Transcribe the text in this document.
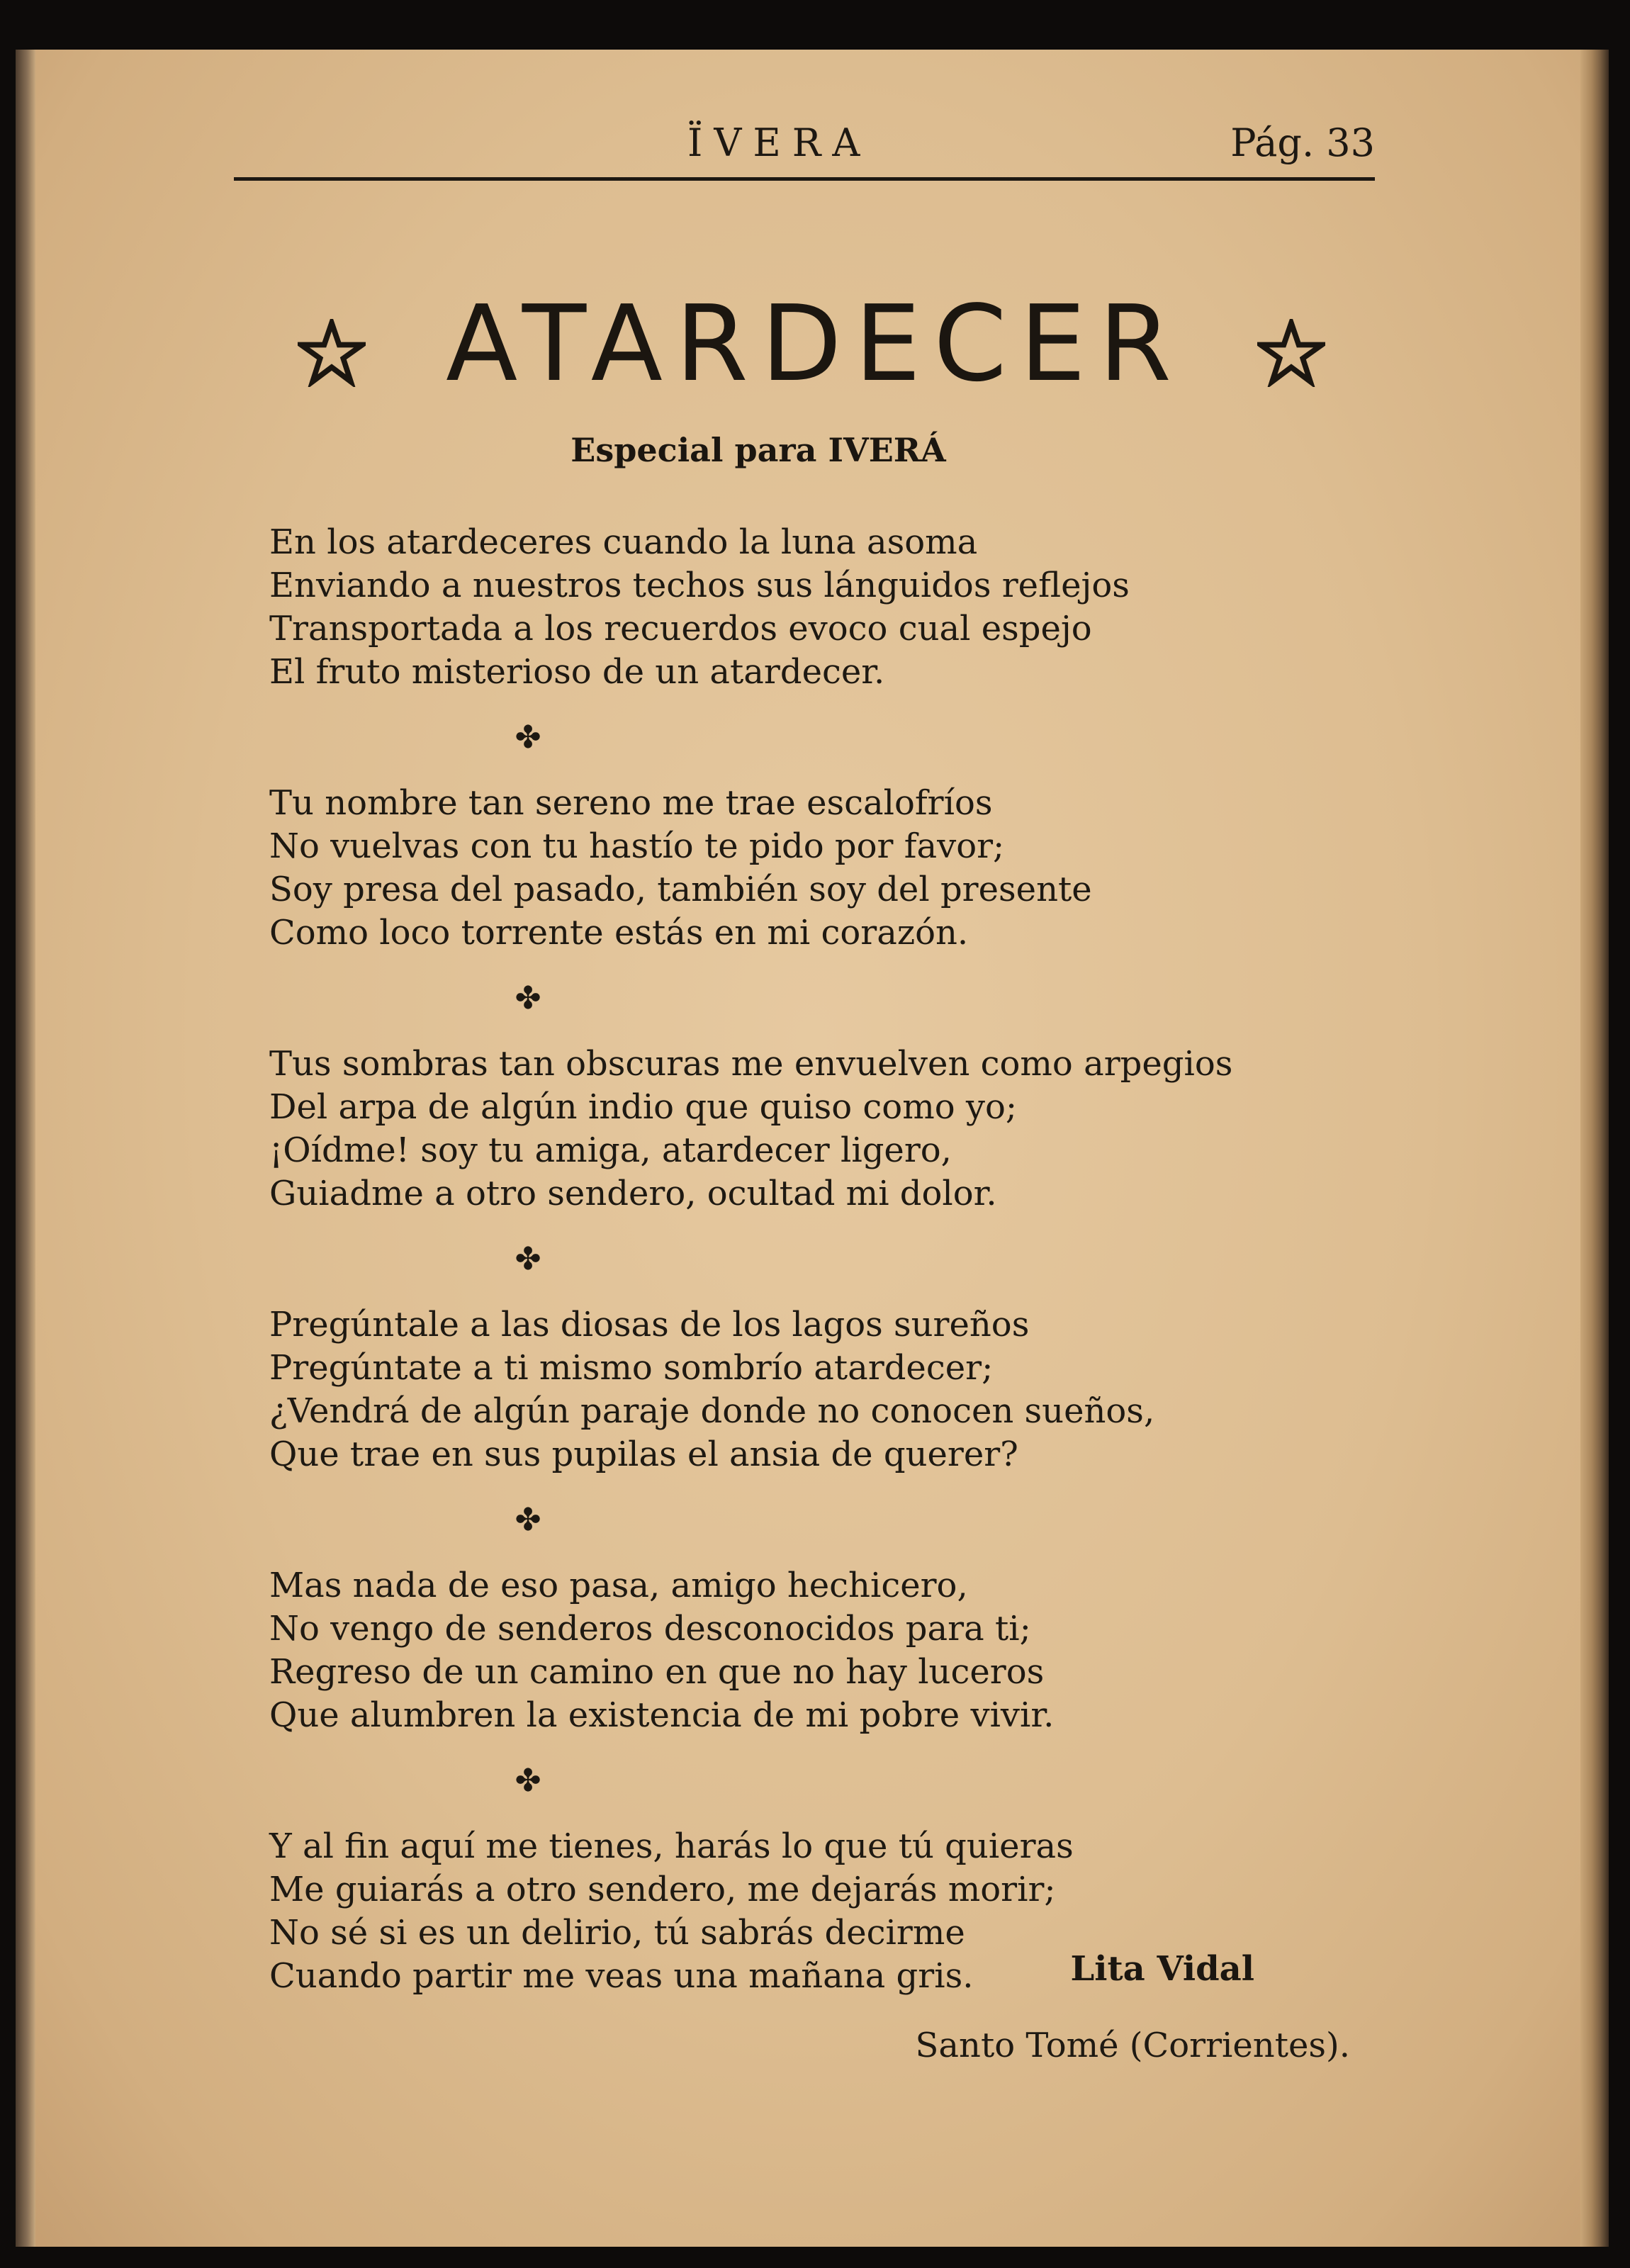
ÏVERA	Pág. 33
ATARDECER
Especial para IVERÁ
En los atardeceres cuando la luna asoma
Enviando a nuestros techos sus lánguidos reflejos
Transportada a los recuerdos evoco cual espejo
El fruto misterioso de un atardecer.
✤
Tu nombre tan sereno me trae escalofríos
No vuelvas con tu hastío te pido por favor;
Soy presa del pasado, también soy del presente
Como loco torrente estás en mi corazón.
✤
Tus sombras tan obscuras me envuelven como arpegios
Del arpa de algún indio que quiso como yo;
¡Oídme! soy tu amiga, atardecer ligero,
Guiadme a otro sendero, ocultad mi dolor.
✤
Pregúntale a las diosas de los lagos sureños
Pregúntate a ti mismo sombrío atardecer;
¿Vendrá de algún paraje donde no conocen sueños,
Que trae en sus pupilas el ansia de querer?
✤
Mas nada de eso pasa, amigo hechicero,
No vengo de senderos desconocidos para ti;
Regreso de un camino en que no hay luceros
Que alumbren la existencia de mi pobre vivir.
✤
Y al fin aquí me tienes, harás lo que tú quieras
Me guiarás a otro sendero, me dejarás morir;
No sé si es un delirio, tú sabrás decirme
Cuando partir me veas una mañana gris.	Lita Vidal
Santo Tomé (Corrientes).
